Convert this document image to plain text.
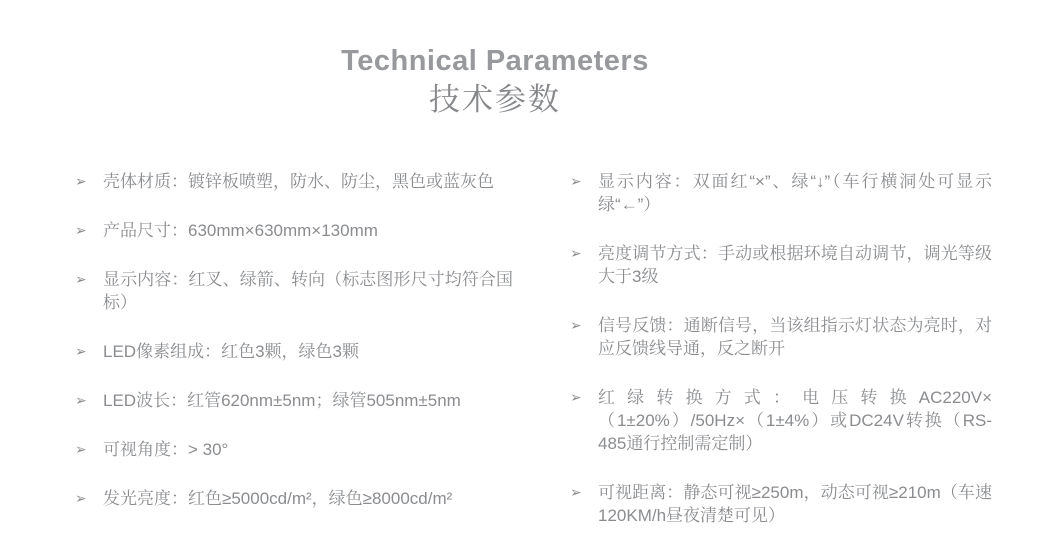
Technical Parameters
技术参数
➢ 壳体材质：镀锌板喷塑，防水、防尘，黑色或蓝灰色
➢ 产品尺寸：630mm×630mm×130mm
➢ 显示内容：红叉、绿箭、转向（标志图形尺寸均符合国标）
➢ LED像素组成：红色3颗，绿色3颗
➢ LED波长：红管620nm±5nm；绿管505nm±5nm
➢ 可视角度：> 30°
➢ 发光亮度：红色≥5000cd/m²，绿色≥8000cd/m²
➢ 显示内容：双面红“×”、绿“↓”（车行横洞处可显示绿“←”）
➢ 亮度调节方式：手动或根据环境自动调节，调光等级大于3级
➢ 信号反馈：通断信号，当该组指示灯状态为亮时，对应反馈线导通，反之断开
➢ 红绿转换方式：电压转换AC220V×（1±20%）/50Hz×（1±4%）或DC24V转换（RS-485通行控制需定制）
➢ 可视距离：静态可视≥250m，动态可视≥210m（车速120KM/h昼夜清楚可见）
